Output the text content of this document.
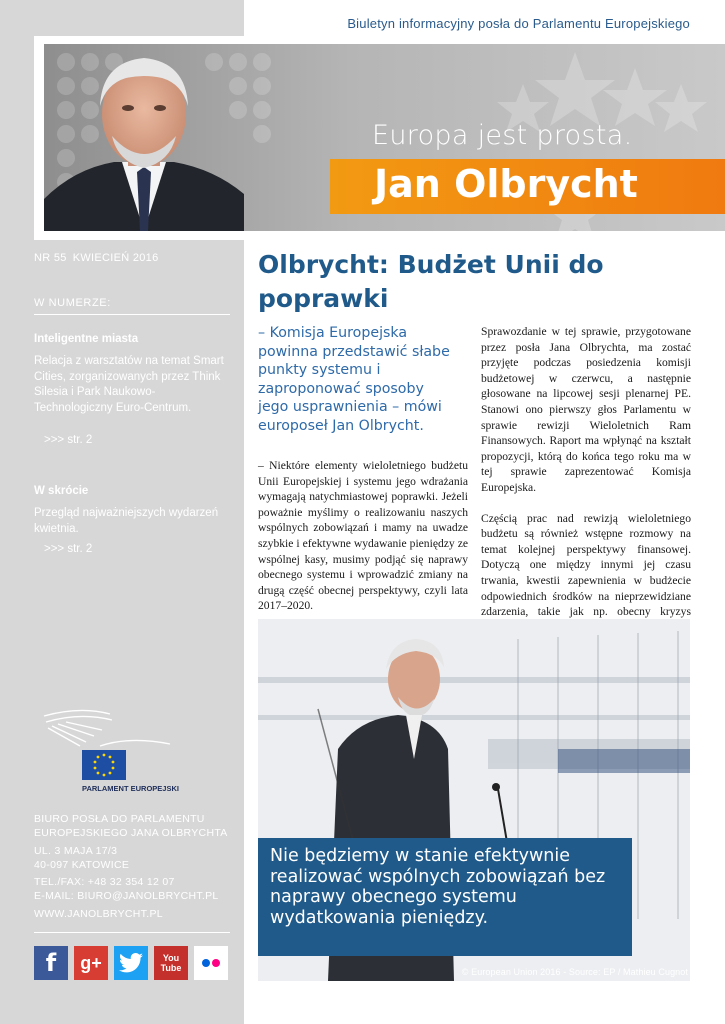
Biuletyn informacyjny posła do Parlamentu Europejskiego
Europa jest prosta.
Jan Olbrycht
NR 55 KWIECIEŃ 2016
W NUMERZE:
Inteligentne miasta
Relacja z warsztatów na temat Smart Cities, zorganizowanych przez Think Silesia i Park Naukowo-Technologiczny Euro-Centrum.
>>> str. 2
W skrócie
Przegląd najważniejszych wydarzeń kwietnia.
>>> str. 2
PARLAMENT EUROPEJSKI
BIURO POSŁA DO PARLAMENTU EUROPEJSKIEGO JANA OLBRYCHTA
UL. 3 MAJA 17/3
40-097 KATOWICE
TEL./FAX: +48 32 354 12 07
E-MAIL: BIURO@JANOLBRYCHT.PL
WWW.JANOLBRYCHT.PL
f g+	You Tube
Olbrycht: Budżet Unii do poprawki
– Komisja Europejska powinna przedstawić słabe punkty systemu i zaproponować sposoby jego usprawnienia – mówi europoseł Jan Olbrycht.

– Niektóre elementy wieloletniego budżetu Unii Europejskiej i systemu jego wdrażania wymagają natychmiastowej poprawki. Jeżeli poważnie myślimy o realizowaniu naszych wspólnych zobowiązań i mamy na uwadze szybkie i efektywne wydawanie pieniędzy ze wspólnej kasy, musimy podjąć się naprawy obecnego systemu i wprowadzić zmiany na drugą część obecnej perspektywy, czyli lata 2017–2020.

Sprawozdanie w tej sprawie, przygotowane przez posła Jana Olbrychta, ma zostać przyjęte podczas posiedzenia komisji budżetowej w czerwcu, a następnie głosowane na lipcowej sesji plenarnej PE. Stanowi ono pierwszy głos Parlamentu w sprawie rewizji Wieloletnich Ram Finansowych. Raport ma wpłynąć na kształt propozycji, którą do końca tego roku ma w tej sprawie zaprezentować Komisja Europejska.

Częścią prac nad rewizją wieloletniego budżetu są również wstępne rozmowy na temat kolejnej perspektywy finansowej. Dotyczą one między innymi jej czasu trwania, kwestii zapewnienia w budżecie odpowiednich środków na nieprzewidziane zdarzenia, takie jak np. obecny kryzys

Nie będziemy w stanie efektywnie realizować wspólnych zobowiązań bez naprawy obecnego systemu wydatkowania pieniędzy.
© European Union 2016 - Source: EP / Mathieu Cugnot
